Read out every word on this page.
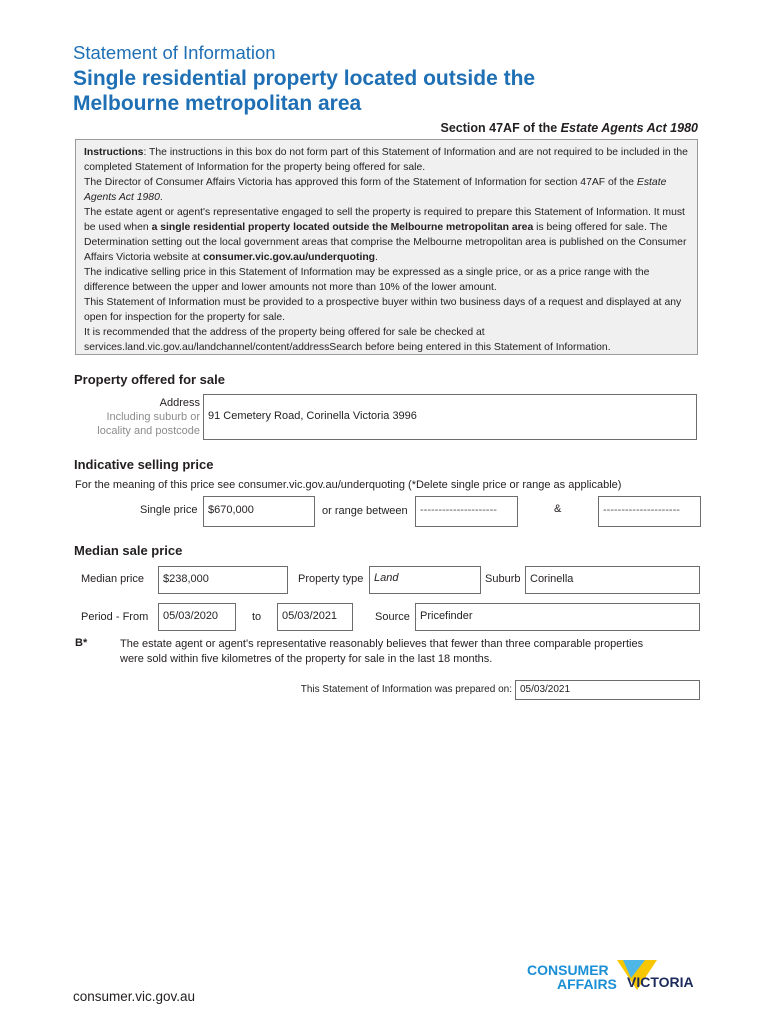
Statement of Information
Single residential property located outside the
Melbourne metropolitan area
Section 47AF of the Estate Agents Act 1980

Instructions: The instructions in this box do not form part of this Statement of Information and are not required to be included in the completed Statement of Information for the property being offered for sale.

The Director of Consumer Affairs Victoria has approved this form of the Statement of Information for section 47AF of the Estate Agents Act 1980.

The estate agent or agent's representative engaged to sell the property is required to prepare this Statement of Information. It must be used when a single residential property located outside the Melbourne metropolitan area is being offered for sale. The Determination setting out the local government areas that comprise the Melbourne metropolitan area is published on the Consumer Affairs Victoria website at consumer.vic.gov.au/underquoting.

The indicative selling price in this Statement of Information may be expressed as a single price, or as a price range with the difference between the upper and lower amounts not more than 10% of the lower amount.

This Statement of Information must be provided to a prospective buyer within two business days of a request and displayed at any open for inspection for the property for sale.

It is recommended that the address of the property being offered for sale be checked at services.land.vic.gov.au/landchannel/content/addressSearch before being entered in this Statement of Information.

Property offered for sale
Address
Including suburb or
locality and postcode
91 Cemetery Road, Corinella Victoria 3996
Indicative selling price
For the meaning of this price see consumer.vic.gov.au/underquoting (*Delete single price or range as applicable)
Single price $670,000	or range between	---------------------	&	---------------------
Median sale price
Median price	$238,000	Property type Land	Suburb Corinella
Period - From	05/03/2020	to	05/03/2021	Source Pricefinder
B*	The estate agent or agent's representative reasonably believes that fewer than three comparable properties
were sold within five kilometres of the property for sale in the last 18 months.
This Statement of Information was prepared on: 05/03/2021
CONSUMER
AFFAIRS VICTORIA
consumer.vic.gov.au
